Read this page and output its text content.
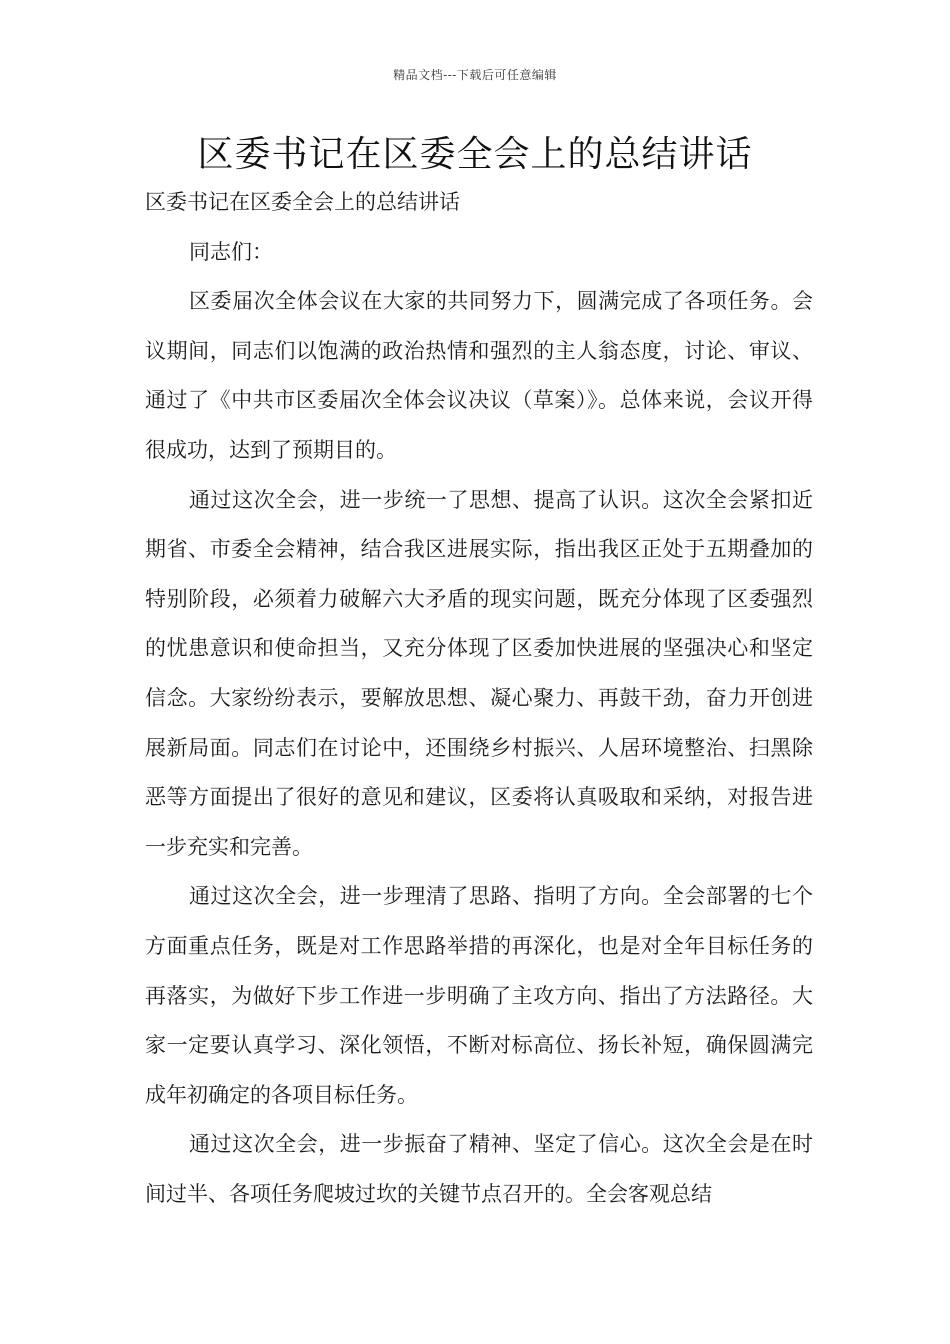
精品文档---下载后可任意编辑
区委书记在区委全会上的总结讲话

区委书记在区委全会上的总结讲话

同志们：

区委届次全体会议在大家的共同努力下，圆满完成了各项任务。会议期间，同志们以饱满的政治热情和强烈的主人翁态度，讨论、审议、通过了《中共市区委届次全体会议决议（草案）》。总体来说，会议开得很成功，达到了预期目的。

通过这次全会，进一步统一了思想、提高了认识。这次全会紧扣近期省、市委全会精神，结合我区进展实际，指出我区正处于五期叠加的特别阶段，必须着力破解六大矛盾的现实问题，既充分体现了区委强烈的忧患意识和使命担当，又充分体现了区委加快进展的坚强决心和坚定信念。大家纷纷表示，要解放思想、凝心聚力、再鼓干劲，奋力开创进展新局面。同志们在讨论中，还围绕乡村振兴、人居环境整治、扫黑除恶等方面提出了很好的意见和建议，区委将认真吸取和采纳，对报告进一步充实和完善。

通过这次全会，进一步理清了思路、指明了方向。全会部署的七个方面重点任务，既是对工作思路举措的再深化，也是对全年目标任务的再落实，为做好下步工作进一步明确了主攻方向、指出了方法路径。大家一定要认真学习、深化领悟，不断对标高位、扬长补短，确保圆满完成年初确定的各项目标任务。

通过这次全会，进一步振奋了精神、坚定了信心。这次全会是在时间过半、各项任务爬坡过坎的关键节点召开的。全会客观总结
